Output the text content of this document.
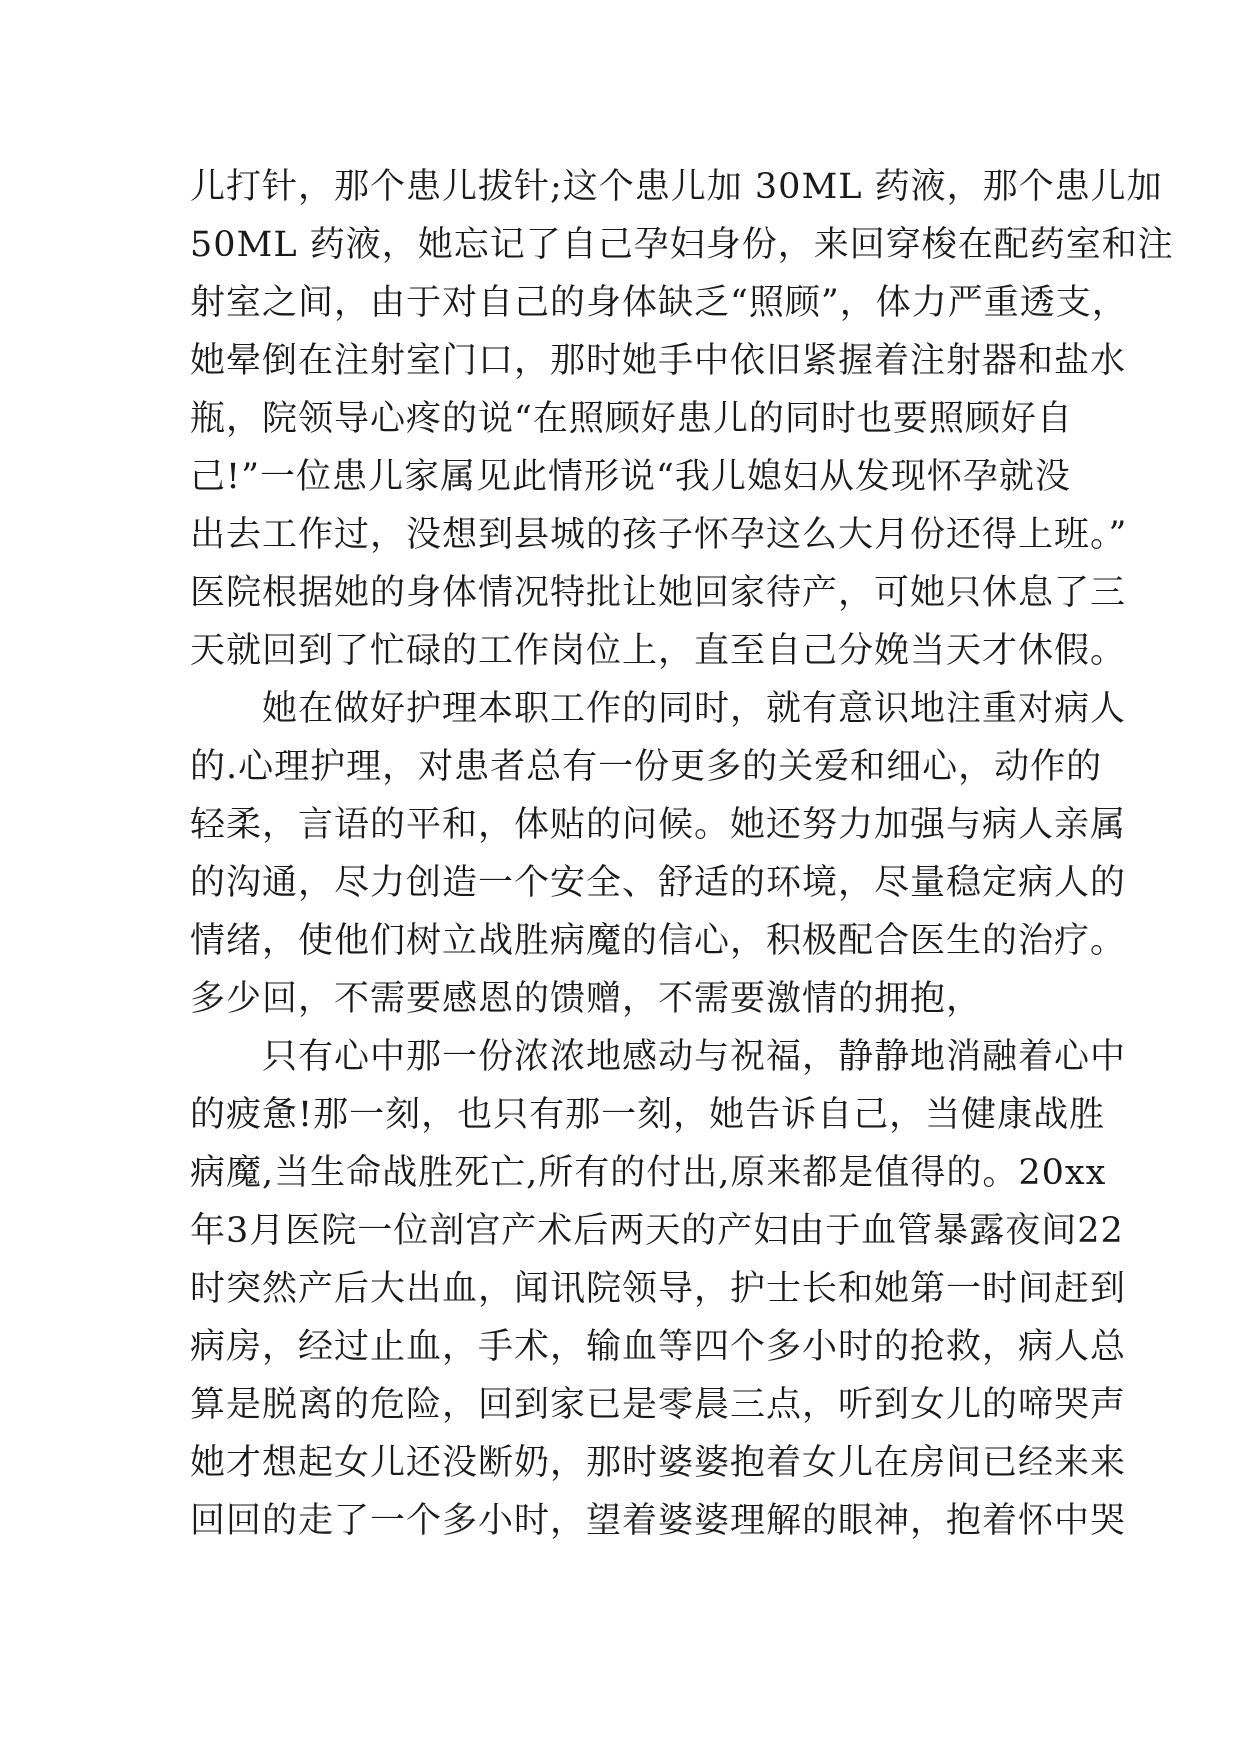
儿打针，那个患儿拔针;这个患儿加 30ML 药液，那个患儿加
50ML 药液，她忘记了自己孕妇身份，来回穿梭在配药室和注
射室之间，由于对自己的身体缺乏“照顾”，体力严重透支，
她晕倒在注射室门口，那时她手中依旧紧握着注射器和盐水
瓶，院领导心疼的说“在照顾好患儿的同时也要照顾好自
己!”一位患儿家属见此情形说“我儿媳妇从发现怀孕就没
出去工作过，没想到县城的孩子怀孕这么大月份还得上班。”
医院根据她的身体情况特批让她回家待产，可她只休息了三
天就回到了忙碌的工作岗位上，直至自己分娩当天才休假。
　　她在做好护理本职工作的同时，就有意识地注重对病人
的.心理护理，对患者总有一份更多的关爱和细心，动作的
轻柔，言语的平和，体贴的问候。她还努力加强与病人亲属
的沟通，尽力创造一个安全、舒适的环境，尽量稳定病人的
情绪，使他们树立战胜病魔的信心，积极配合医生的治疗。
多少回，不需要感恩的馈赠，不需要激情的拥抱，
　　只有心中那一份浓浓地感动与祝福，静静地消融着心中
的疲惫!那一刻，也只有那一刻，她告诉自己，当健康战胜
病魔,当生命战胜死亡,所有的付出,原来都是值得的。20xx
年3月医院一位剖宫产术后两天的产妇由于血管暴露夜间22
时突然产后大出血，闻讯院领导，护士长和她第一时间赶到
病房，经过止血，手术，输血等四个多小时的抢救，病人总
算是脱离的危险，回到家已是零晨三点，听到女儿的啼哭声
她才想起女儿还没断奶，那时婆婆抱着女儿在房间已经来来
回回的走了一个多小时，望着婆婆理解的眼神，抱着怀中哭
